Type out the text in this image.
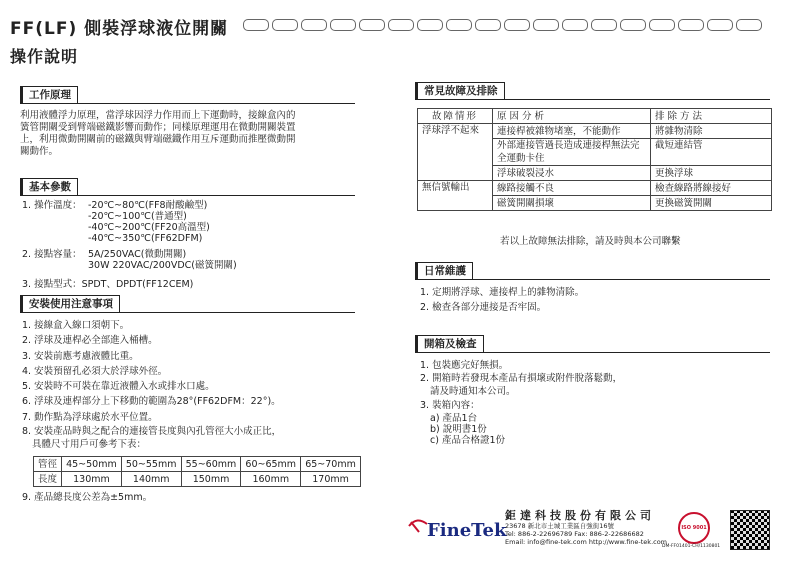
FF(LF) 側裝浮球液位開關
操作說明
工作原理
利用液體浮力原理，當浮球因浮力作用而上下運動時，接線盒內的
簧管開關受到臂端磁鐵影響而動作；同樣原理運用在微動開關裝置
上，利用微動開關前的磁鐵與臂端磁鐵作用互斥運動而推壓微動開
關動作。
基本參數
1. 操作溫度： -20℃~80℃(FF8耐酸鹼型)
-20℃~100℃(普通型)
-40℃~200℃(FF20高溫型)
-40℃~350℃(FF62DFM)
2. 接點容量： 5A/250VAC(微動開關)
30W 220VAC/200VDC(磁簧開關)
3. 接點型式：SPDT、DPDT(FF12CEM)
安裝使用注意事項
1. 接線盒入線口須朝下。
2. 浮球及連桿必全部進入桶槽。
3. 安裝前應考慮液體比重。
4. 安裝預留孔必須大於浮球外徑。
5. 安裝時不可裝在靠近液體入水或排水口處。
6. 浮球及連桿部分上下移動的範圍為28°(FF62DFM：22°)。
7. 動作點為浮球處於水平位置。
8. 安裝產品時與之配合的連接管長度與內孔管徑大小成正比，
具體尺寸用戶可參考下表：
管徑	45~50mm	50~55mm	55~60mm	60~65mm	65~70mm
長度	130mm	140mm	150mm	160mm	170mm
9. 產品總長度公差為±5mm。
常見故障及排除
故障情形	原因分析	排除方法
浮球浮不起來	連接桿被雜物堵塞，不能動作	將雜物清除
	外部連接管過長造成連接桿無法完全運動卡住	截短連結管
	浮球破裂浸水	更換浮球
無信號輸出	線路接觸不良	檢查線路將線接好
	磁簧開關損壞	更換磁簧開關
若以上故障無法排除，請及時與本公司聯繫
日常維護
1. 定期將浮球、連接桿上的雜物清除。
2. 檢查各部分連接是否牢固。
開箱及檢查
1. 包裝應完好無損。
2. 開箱時若發現本產品有損壞或附件脫落鬆動，
請及時通知本公司。
3. 裝箱內容：
a) 產品1台
b) 說明書1份
c) 產品合格證1份
FineTek
鉅達科技股份有限公司
23678 新北市土城工業區自強街16號
Tel: 886-2-22696789 Fax: 886-2-22686682
Email: info@fine-tek.com http://www.fine-tek.com
ISO 9001
DM-FF01401-CH/1130801
